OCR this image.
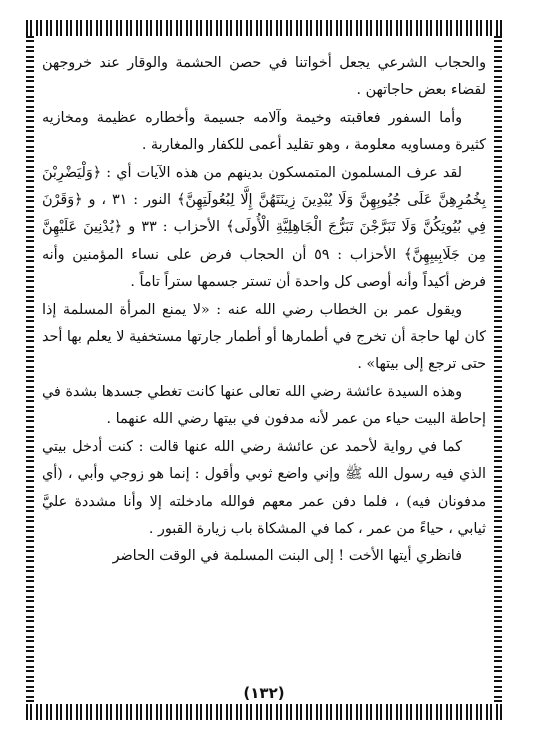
والحجاب الشرعي يجعل أخواتنا في حصن الحشمة والوقار عند خروجهن لقضاء بعض حاجاتهن .

وأما السفور فعاقبته وخيمة وآلامه جسيمة وأخطاره عظيمة ومخازيه كثيرة ومساويه معلومة ، وهو تقليد أعمى للكفار والمغاربة .

لقد عرف المسلمون المتمسكون بدينهم من هذه الآيات أي : ﴿وَلْيَضْرِبْنَ بِخُمُرِهِنَّ عَلَى جُيُوبِهِنَّ وَلَا يُبْدِينَ زِينَتَهُنَّ إِلَّا لِبُعُولَتِهِنَّ﴾ النور : ٣١ ، و ﴿وَقَرْنَ فِي بُيُوتِكُنَّ وَلَا تَبَرَّجْنَ تَبَرُّجَ الْجَاهِلِيَّةِ الْأُولَى﴾ الأحزاب : ٣٣ و ﴿يُدْنِينَ عَلَيْهِنَّ مِن جَلَابِيبِهِنَّ﴾ الأحزاب : ٥٩ أن الحجاب فرض على نساء المؤمنين وأنه فرض أكيداً وأنه أوصى كل واحدة أن تستر جسمها ستراً تاماً .

ويقول عمر بن الخطاب رضي الله عنه : «لا يمنع المرأة المسلمة إذا كان لها حاجة أن تخرج في أطمارها أو أطمار جارتها مستخفية لا يعلم بها أحد حتى ترجع إلى بيتها» .

وهذه السيدة عائشة رضي الله تعالى عنها كانت تغطي جسدها بشدة في إحاطة البيت حياء من عمر لأنه مدفون في بيتها رضي الله عنهما .

كما في رواية لأحمد عن عائشة رضي الله عنها قالت : كنت أدخل بيتي الذي فيه رسول الله ﷺ وإني واضع ثوبي وأقول : إنما هو زوجي وأبي ، (أي مدفونان فيه) ، فلما دفن عمر معهم فوالله مادخلته إلا وأنا مشددة عليَّ ثيابي ، حياءً من عمر ، كما في المشكاة باب زيارة القبور .

فانظري أيتها الأخت ! إلى البنت المسلمة في الوقت الحاضر

(١٣٢)
